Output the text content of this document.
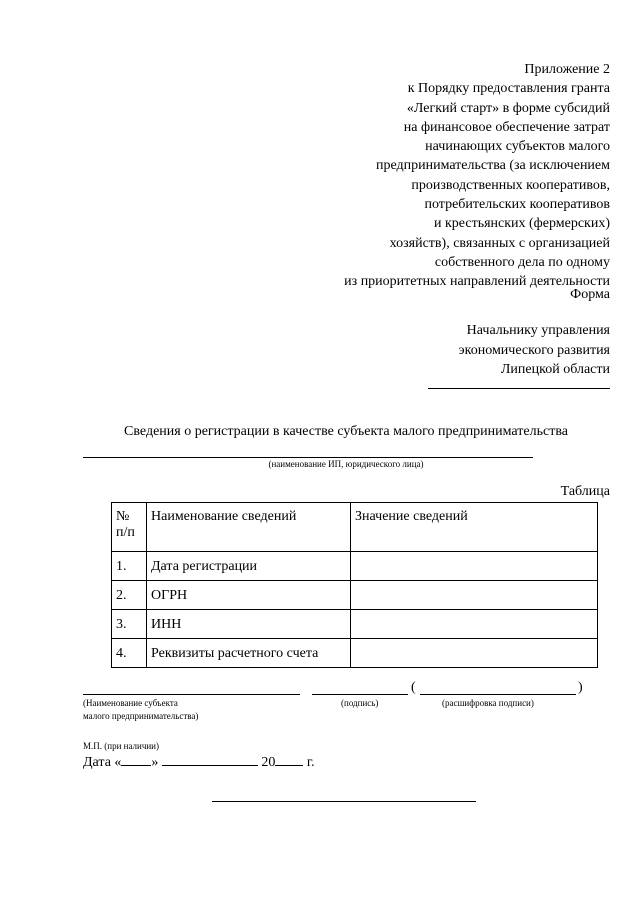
Приложение 2
к Порядку предоставления гранта
«Легкий старт» в форме субсидий
на финансовое обеспечение затрат
начинающих субъектов малого
предпринимательства (за исключением
производственных кооперативов,
потребительских кооперативов
и крестьянских (фермерских)
хозяйств), связанных с организацией
собственного дела по одному
из приоритетных направлений деятельности
Форма
Начальнику управления
экономического развития
Липецкой области
Сведения о регистрации в качестве субъекта малого предпринимательства
(наименование ИП, юридического лица)
Таблица
№ п/п	Наименование сведений	Значение сведений
1.	Дата регистрации	
2.	ОГРН	
3.	ИНН	
4.	Реквизиты расчетного счета	
(	)
(Наименование субъекта
малого предпринимательства)
(подпись)	(расшифровка подписи)
М.П. (при наличии)
Дата « »	20 г.
